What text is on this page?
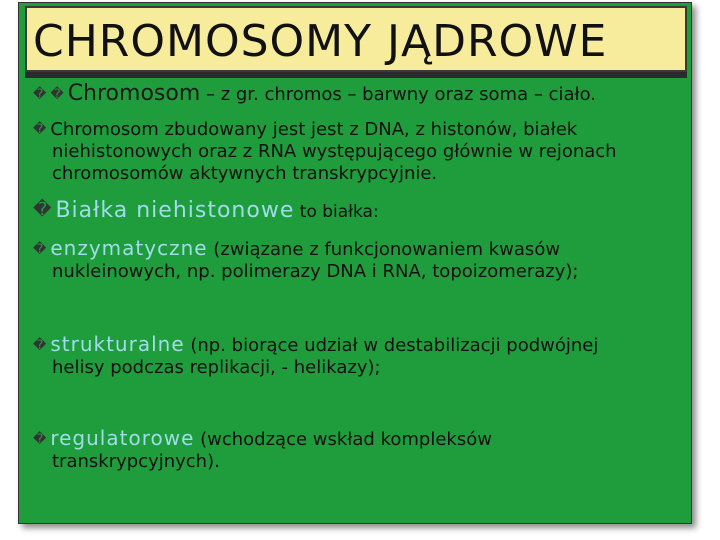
CHROMOSOMY JĄDROWE
� � Chromosom – z gr. chromos – barwny oraz soma – ciało.
� Chromosom zbudowany jest jest z DNA, z histonów, białek
niehistonowych oraz z RNA występującego głównie w rejonach
chromosomów aktywnych transkrypcyjnie.
� Białka niehistonowe to białka:
� enzymatyczne (związane z funkcjonowaniem kwasów
nukleinowych, np. polimerazy DNA i RNA, topoizomerazy);
� strukturalne (np. biorące udział w destabilizacji podwójnej
helisy podczas replikacji, - helikazy);
� regulatorowe (wchodzące wskład kompleksów
transkrypcyjnych).
